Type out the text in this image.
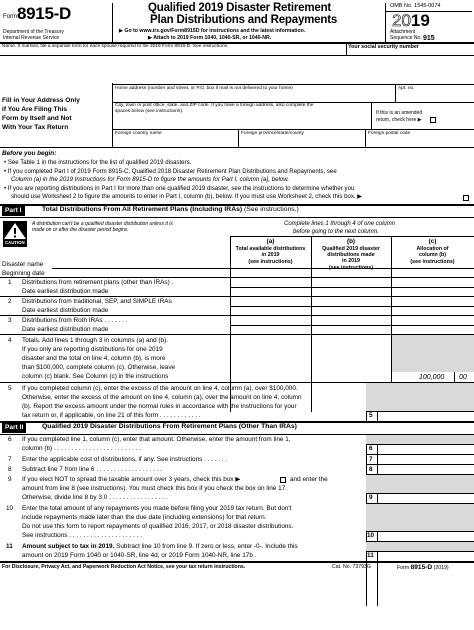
Form 8915-D
Department of the Treasury
Internal Revenue Service
Qualified 2019 Disaster Retirement
Plan Distributions and Repayments
▶ Go to www.irs.gov/Form8915D for instructions and the latest information.
▶ Attach to 2019 Form 1040, 1040-SR, or 1040-NR.
OMB No. 1545-0074
2019
Attachment
Sequence No. 915
Name. If married, file a separate form for each spouse required to file 2019 Form 8915-D. See instructions.	Your social security number
Fill in Your Address Only
if You Are Filing This
Form by Itself and Not
With Your Tax Return
Home address (number and street, or P.O. box if mail is not delivered to your home)	Apt. no.
City, town or post office, state, and ZIP code. If you have a foreign address, also complete the
spaces below (see instructions).	If this is an amended
return, check here ▶
Foreign country name	Foreign province/state/county	Foreign postal code
Before you begin:
• See Table 1 in the instructions for the list of qualified 2019 disasters.
• If you completed Part I of 2019 Form 8915-C, Qualified 2018 Disaster Retirement Plan Distributions and Repayments, see
Column (a) in the 2019 Instructions for Form 8915-D to figure the amounts for Part I, column (a), below.
• If you are reporting distributions in Part I for more than one qualified 2019 disaster, see the instructions to determine whether you
should use Worksheet 2 to figure the amounts to enter in Part I, column (b), below. If you must use Worksheet 2, check this box. ▶
Part I	Total Distributions From All Retirement Plans (Including IRAs) (See instructions.)
CAUTION
A distribution can't be a qualified disaster distribution unless it is
made on or after the disaster period begins.
Complete lines 1 through 4 of one column
before going to the next column.
(a)
Total available distributions
in 2019
(see instructions)
(b)
Qualified 2019 disaster
distributions made
in 2019
(see instructions)
(c)
Allocation of
column (b)
(see instructions)
Disaster name
Beginning date
1 Distributions from retirement plans (other than IRAs) .
Date earliest distribution made
2 Distributions from traditional, SEP, and SIMPLE IRAs
Date earliest distribution made
3 Distributions from Roth IRAs . . . . . . .
Date earliest distribution made
4 Totals. Add lines 1 through 3 in columns (a) and (b).
If you only are reporting distributions for one 2019
disaster and the total on line 4, column (b), is more
than $100,000, complete column (c). Otherwise, leave
column (c) blank. See Column (c) in the instructions	100,000 00
5 If you completed column (c), enter the excess of the amount on line 4, column (a), over $100,000.
Otherwise, enter the excess of the amount on line 4, column (a), over the amount on line 4, column
(b). Report the excess amount under the normal rules in accordance with the instructions for your
tax return or, if applicable, on line 21 of this form . . . . . . . . . . . .	5
Part II	Qualified 2019 Disaster Distributions From Retirement Plans (Other Than IRAs)
6 If you completed line 1, column (c), enter that amount. Otherwise, enter the amount from line 1,
column (b) . . . . . . . . . . . . . . . . . . . . . . . . .	6
7 Enter the applicable cost of distributions, if any. See instructions . . . . . . .	7
8 Subtract line 7 from line 6 . . . . . . . . . . . . . . . . . . .	8
9 If you elect NOT to spread the taxable amount over 3 years, check this box ▶	and enter the
amount from line 8 (see instructions). You must check this box if you check the box on line 17.
Otherwise, divide line 8 by 3.0 . . . . . . . . . . . . . . . . .	9
10 Enter the total amount of any repayments you made before filing your 2019 tax return. But don't
include repayments made later than the due date (including extensions) for that return.
Do not use this form to report repayments of qualified 2016, 2017, or 2018 disaster distributions.
See instructions . . . . . . . . . . . . . . . . . . . . .	10
11 Amount subject to tax in 2019. Subtract line 10 from line 9. If zero or less, enter -0-. Include this
amount on 2019 Form 1040 or 1040-SR, line 4d; or 2019 Form 1040-NR, line 17b .	11
For Disclosure, Privacy Act, and Paperwork Reduction Act Notice, see your tax return instructions.	Cat. No. 73793G	Form 8915-D (2019)
